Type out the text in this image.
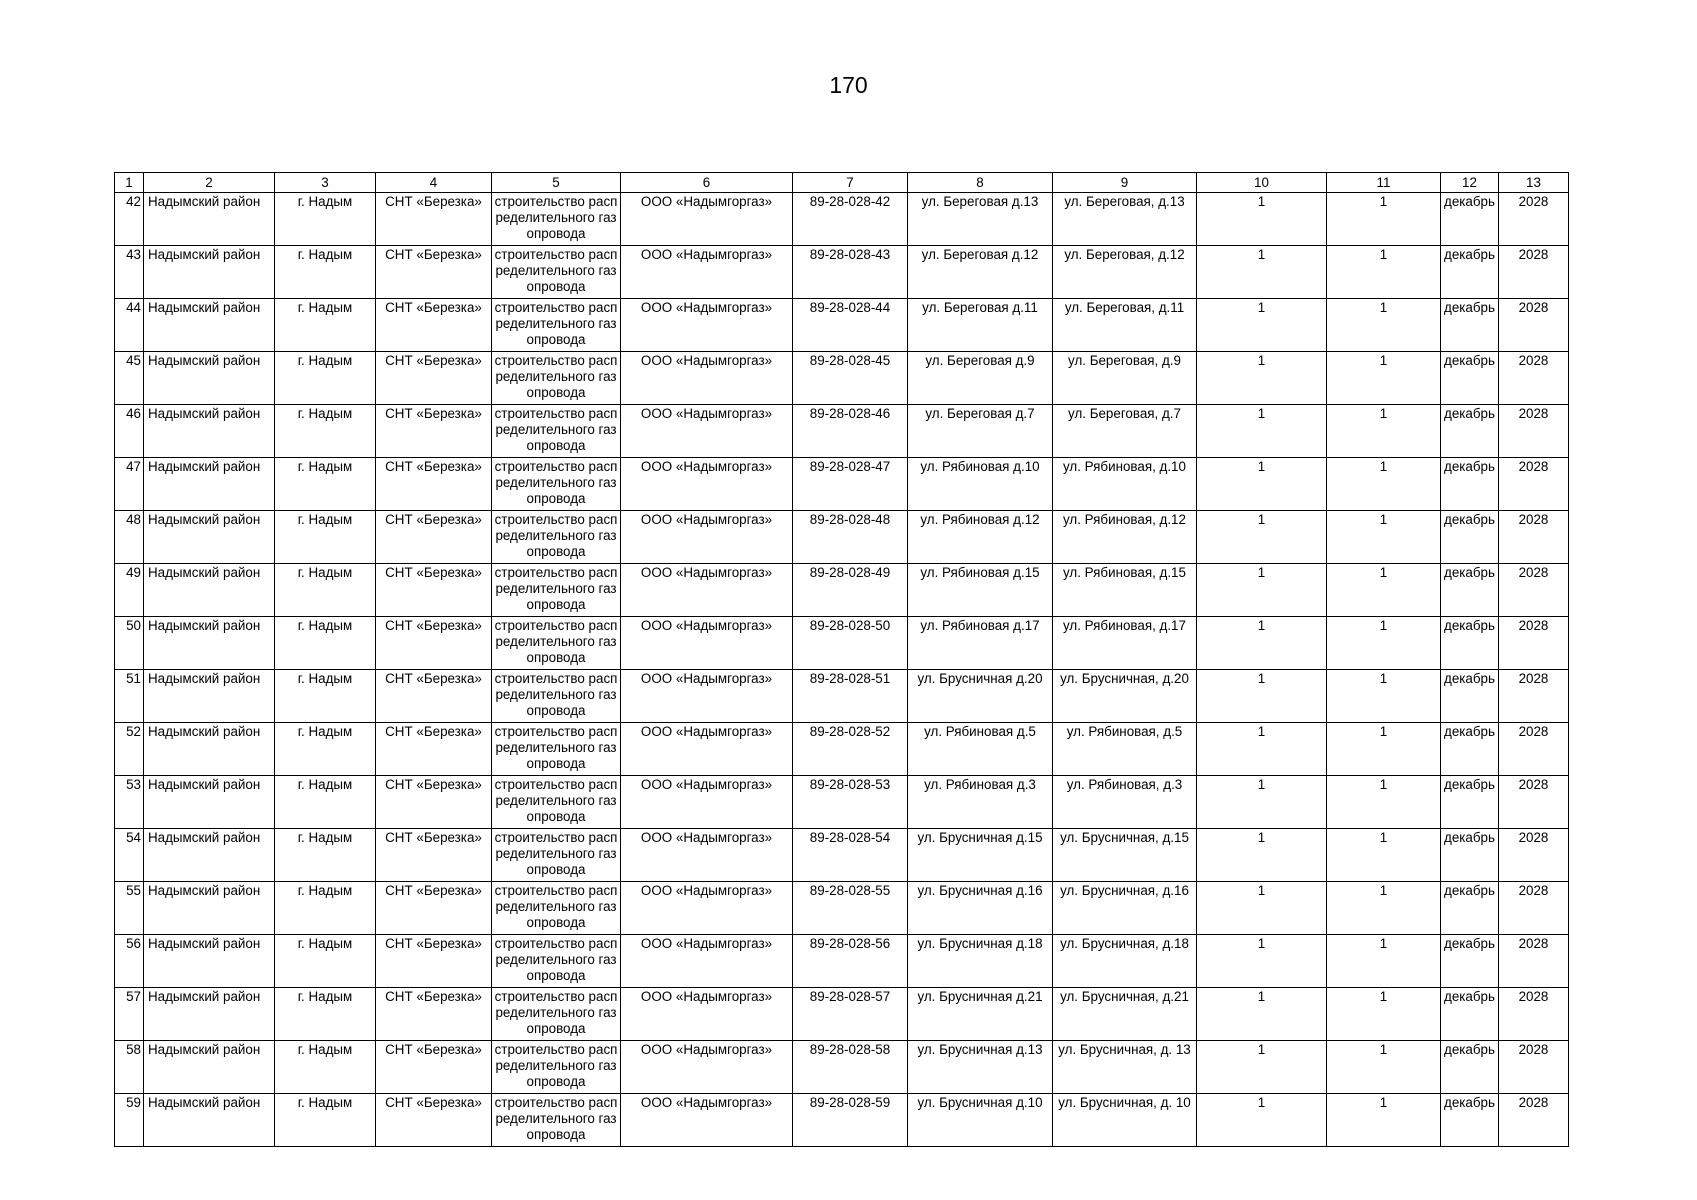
170
1	2	3	4	5	6	7	8	9	10	11	12	13
42	Надымский район	г. Надым	СНТ «Березка»	строительство распределительного газопровода	ООО «Надымгоргаз»	89-28-028-42	ул. Береговая д.13	ул. Береговая, д.13	1	1	декабрь	2028
43	Надымский район	г. Надым	СНТ «Березка»	строительство распределительного газопровода	ООО «Надымгоргаз»	89-28-028-43	ул. Береговая д.12	ул. Береговая, д.12	1	1	декабрь	2028
44	Надымский район	г. Надым	СНТ «Березка»	строительство распределительного газопровода	ООО «Надымгоргаз»	89-28-028-44	ул. Береговая д.11	ул. Береговая, д.11	1	1	декабрь	2028
45	Надымский район	г. Надым	СНТ «Березка»	строительство распределительного газопровода	ООО «Надымгоргаз»	89-28-028-45	ул. Береговая д.9	ул. Береговая, д.9	1	1	декабрь	2028
46	Надымский район	г. Надым	СНТ «Березка»	строительство распределительного газопровода	ООО «Надымгоргаз»	89-28-028-46	ул. Береговая д.7	ул. Береговая, д.7	1	1	декабрь	2028
47	Надымский район	г. Надым	СНТ «Березка»	строительство распределительного газопровода	ООО «Надымгоргаз»	89-28-028-47	ул. Рябиновая д.10	ул. Рябиновая, д.10	1	1	декабрь	2028
48	Надымский район	г. Надым	СНТ «Березка»	строительство распределительного газопровода	ООО «Надымгоргаз»	89-28-028-48	ул. Рябиновая д.12	ул. Рябиновая, д.12	1	1	декабрь	2028
49	Надымский район	г. Надым	СНТ «Березка»	строительство распределительного газопровода	ООО «Надымгоргаз»	89-28-028-49	ул. Рябиновая д.15	ул. Рябиновая, д.15	1	1	декабрь	2028
50	Надымский район	г. Надым	СНТ «Березка»	строительство распределительного газопровода	ООО «Надымгоргаз»	89-28-028-50	ул. Рябиновая д.17	ул. Рябиновая, д.17	1	1	декабрь	2028
51	Надымский район	г. Надым	СНТ «Березка»	строительство распределительного газопровода	ООО «Надымгоргаз»	89-28-028-51	ул. Брусничная д.20	ул. Брусничная, д.20	1	1	декабрь	2028
52	Надымский район	г. Надым	СНТ «Березка»	строительство распределительного газопровода	ООО «Надымгоргаз»	89-28-028-52	ул. Рябиновая д.5	ул. Рябиновая, д.5	1	1	декабрь	2028
53	Надымский район	г. Надым	СНТ «Березка»	строительство распределительного газопровода	ООО «Надымгоргаз»	89-28-028-53	ул. Рябиновая д.3	ул. Рябиновая, д.3	1	1	декабрь	2028
54	Надымский район	г. Надым	СНТ «Березка»	строительство распределительного газопровода	ООО «Надымгоргаз»	89-28-028-54	ул. Брусничная д.15	ул. Брусничная, д.15	1	1	декабрь	2028
55	Надымский район	г. Надым	СНТ «Березка»	строительство распределительного газопровода	ООО «Надымгоргаз»	89-28-028-55	ул. Брусничная д.16	ул. Брусничная, д.16	1	1	декабрь	2028
56	Надымский район	г. Надым	СНТ «Березка»	строительство распределительного газопровода	ООО «Надымгоргаз»	89-28-028-56	ул. Брусничная д.18	ул. Брусничная, д.18	1	1	декабрь	2028
57	Надымский район	г. Надым	СНТ «Березка»	строительство распределительного газопровода	ООО «Надымгоргаз»	89-28-028-57	ул. Брусничная д.21	ул. Брусничная, д.21	1	1	декабрь	2028
58	Надымский район	г. Надым	СНТ «Березка»	строительство распределительного газопровода	ООО «Надымгоргаз»	89-28-028-58	ул. Брусничная д.13	ул. Брусничная, д. 13	1	1	декабрь	2028
59	Надымский район	г. Надым	СНТ «Березка»	строительство распределительного газопровода	ООО «Надымгоргаз»	89-28-028-59	ул. Брусничная д.10	ул. Брусничная, д. 10	1	1	декабрь	2028
